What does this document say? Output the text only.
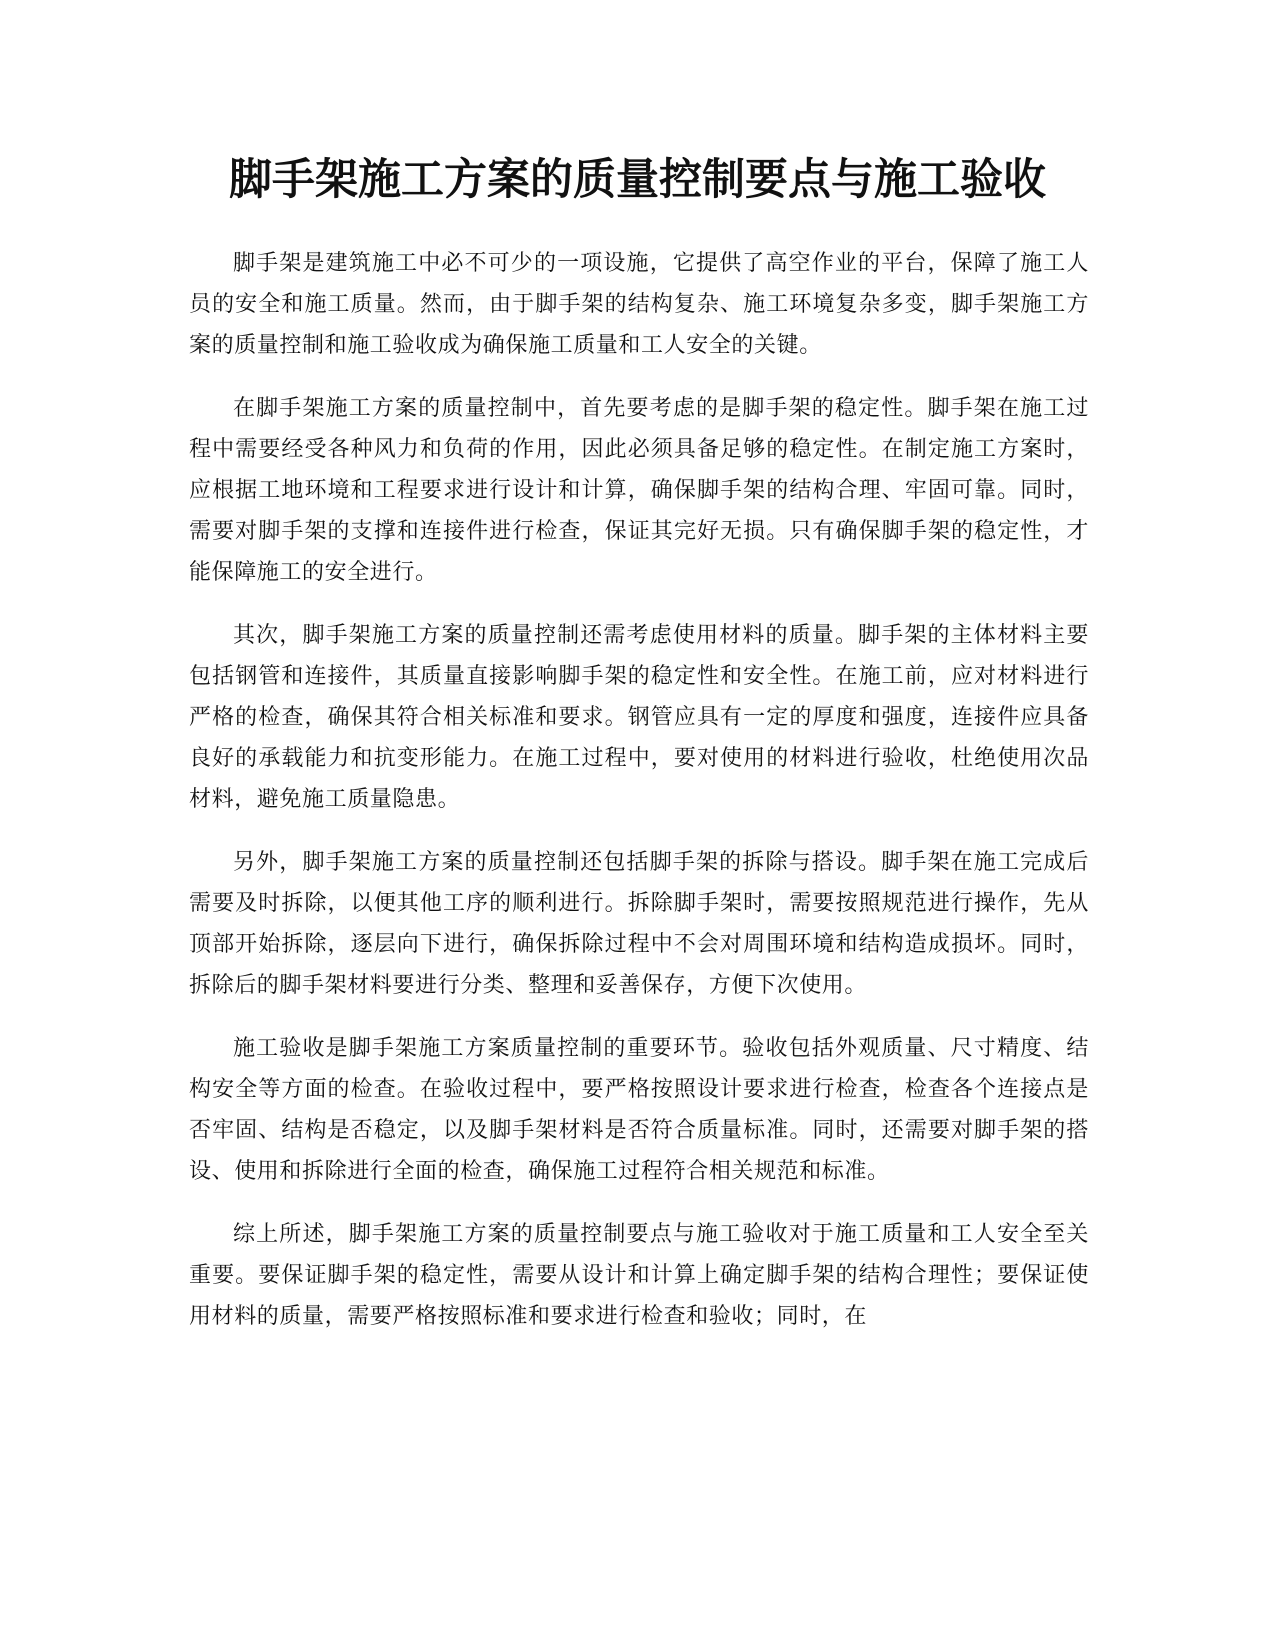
脚手架施工方案的质量控制要点与施工验收

脚手架是建筑施工中必不可少的一项设施，它提供了高空作业的平台，保障了施工人员的安全和施工质量。然而，由于脚手架的结构复杂、施工环境复杂多变，脚手架施工方案的质量控制和施工验收成为确保施工质量和工人安全的关键。

在脚手架施工方案的质量控制中，首先要考虑的是脚手架的稳定性。脚手架在施工过程中需要经受各种风力和负荷的作用，因此必须具备足够的稳定性。在制定施工方案时，应根据工地环境和工程要求进行设计和计算，确保脚手架的结构合理、牢固可靠。同时，需要对脚手架的支撑和连接件进行检查，保证其完好无损。只有确保脚手架的稳定性，才能保障施工的安全进行。

其次，脚手架施工方案的质量控制还需考虑使用材料的质量。脚手架的主体材料主要包括钢管和连接件，其质量直接影响脚手架的稳定性和安全性。在施工前，应对材料进行严格的检查，确保其符合相关标准和要求。钢管应具有一定的厚度和强度，连接件应具备良好的承载能力和抗变形能力。在施工过程中，要对使用的材料进行验收，杜绝使用次品材料，避免施工质量隐患。

另外，脚手架施工方案的质量控制还包括脚手架的拆除与搭设。脚手架在施工完成后需要及时拆除，以便其他工序的顺利进行。拆除脚手架时，需要按照规范进行操作，先从顶部开始拆除，逐层向下进行，确保拆除过程中不会对周围环境和结构造成损坏。同时，拆除后的脚手架材料要进行分类、整理和妥善保存，方便下次使用。

施工验收是脚手架施工方案质量控制的重要环节。验收包括外观质量、尺寸精度、结构安全等方面的检查。在验收过程中，要严格按照设计要求进行检查，检查各个连接点是否牢固、结构是否稳定，以及脚手架材料是否符合质量标准。同时，还需要对脚手架的搭设、使用和拆除进行全面的检查，确保施工过程符合相关规范和标准。

综上所述，脚手架施工方案的质量控制要点与施工验收对于施工质量和工人安全至关重要。要保证脚手架的稳定性，需要从设计和计算上确定脚手架的结构合理性；要保证使用材料的质量，需要严格按照标准和要求进行检查和验收；同时，在
